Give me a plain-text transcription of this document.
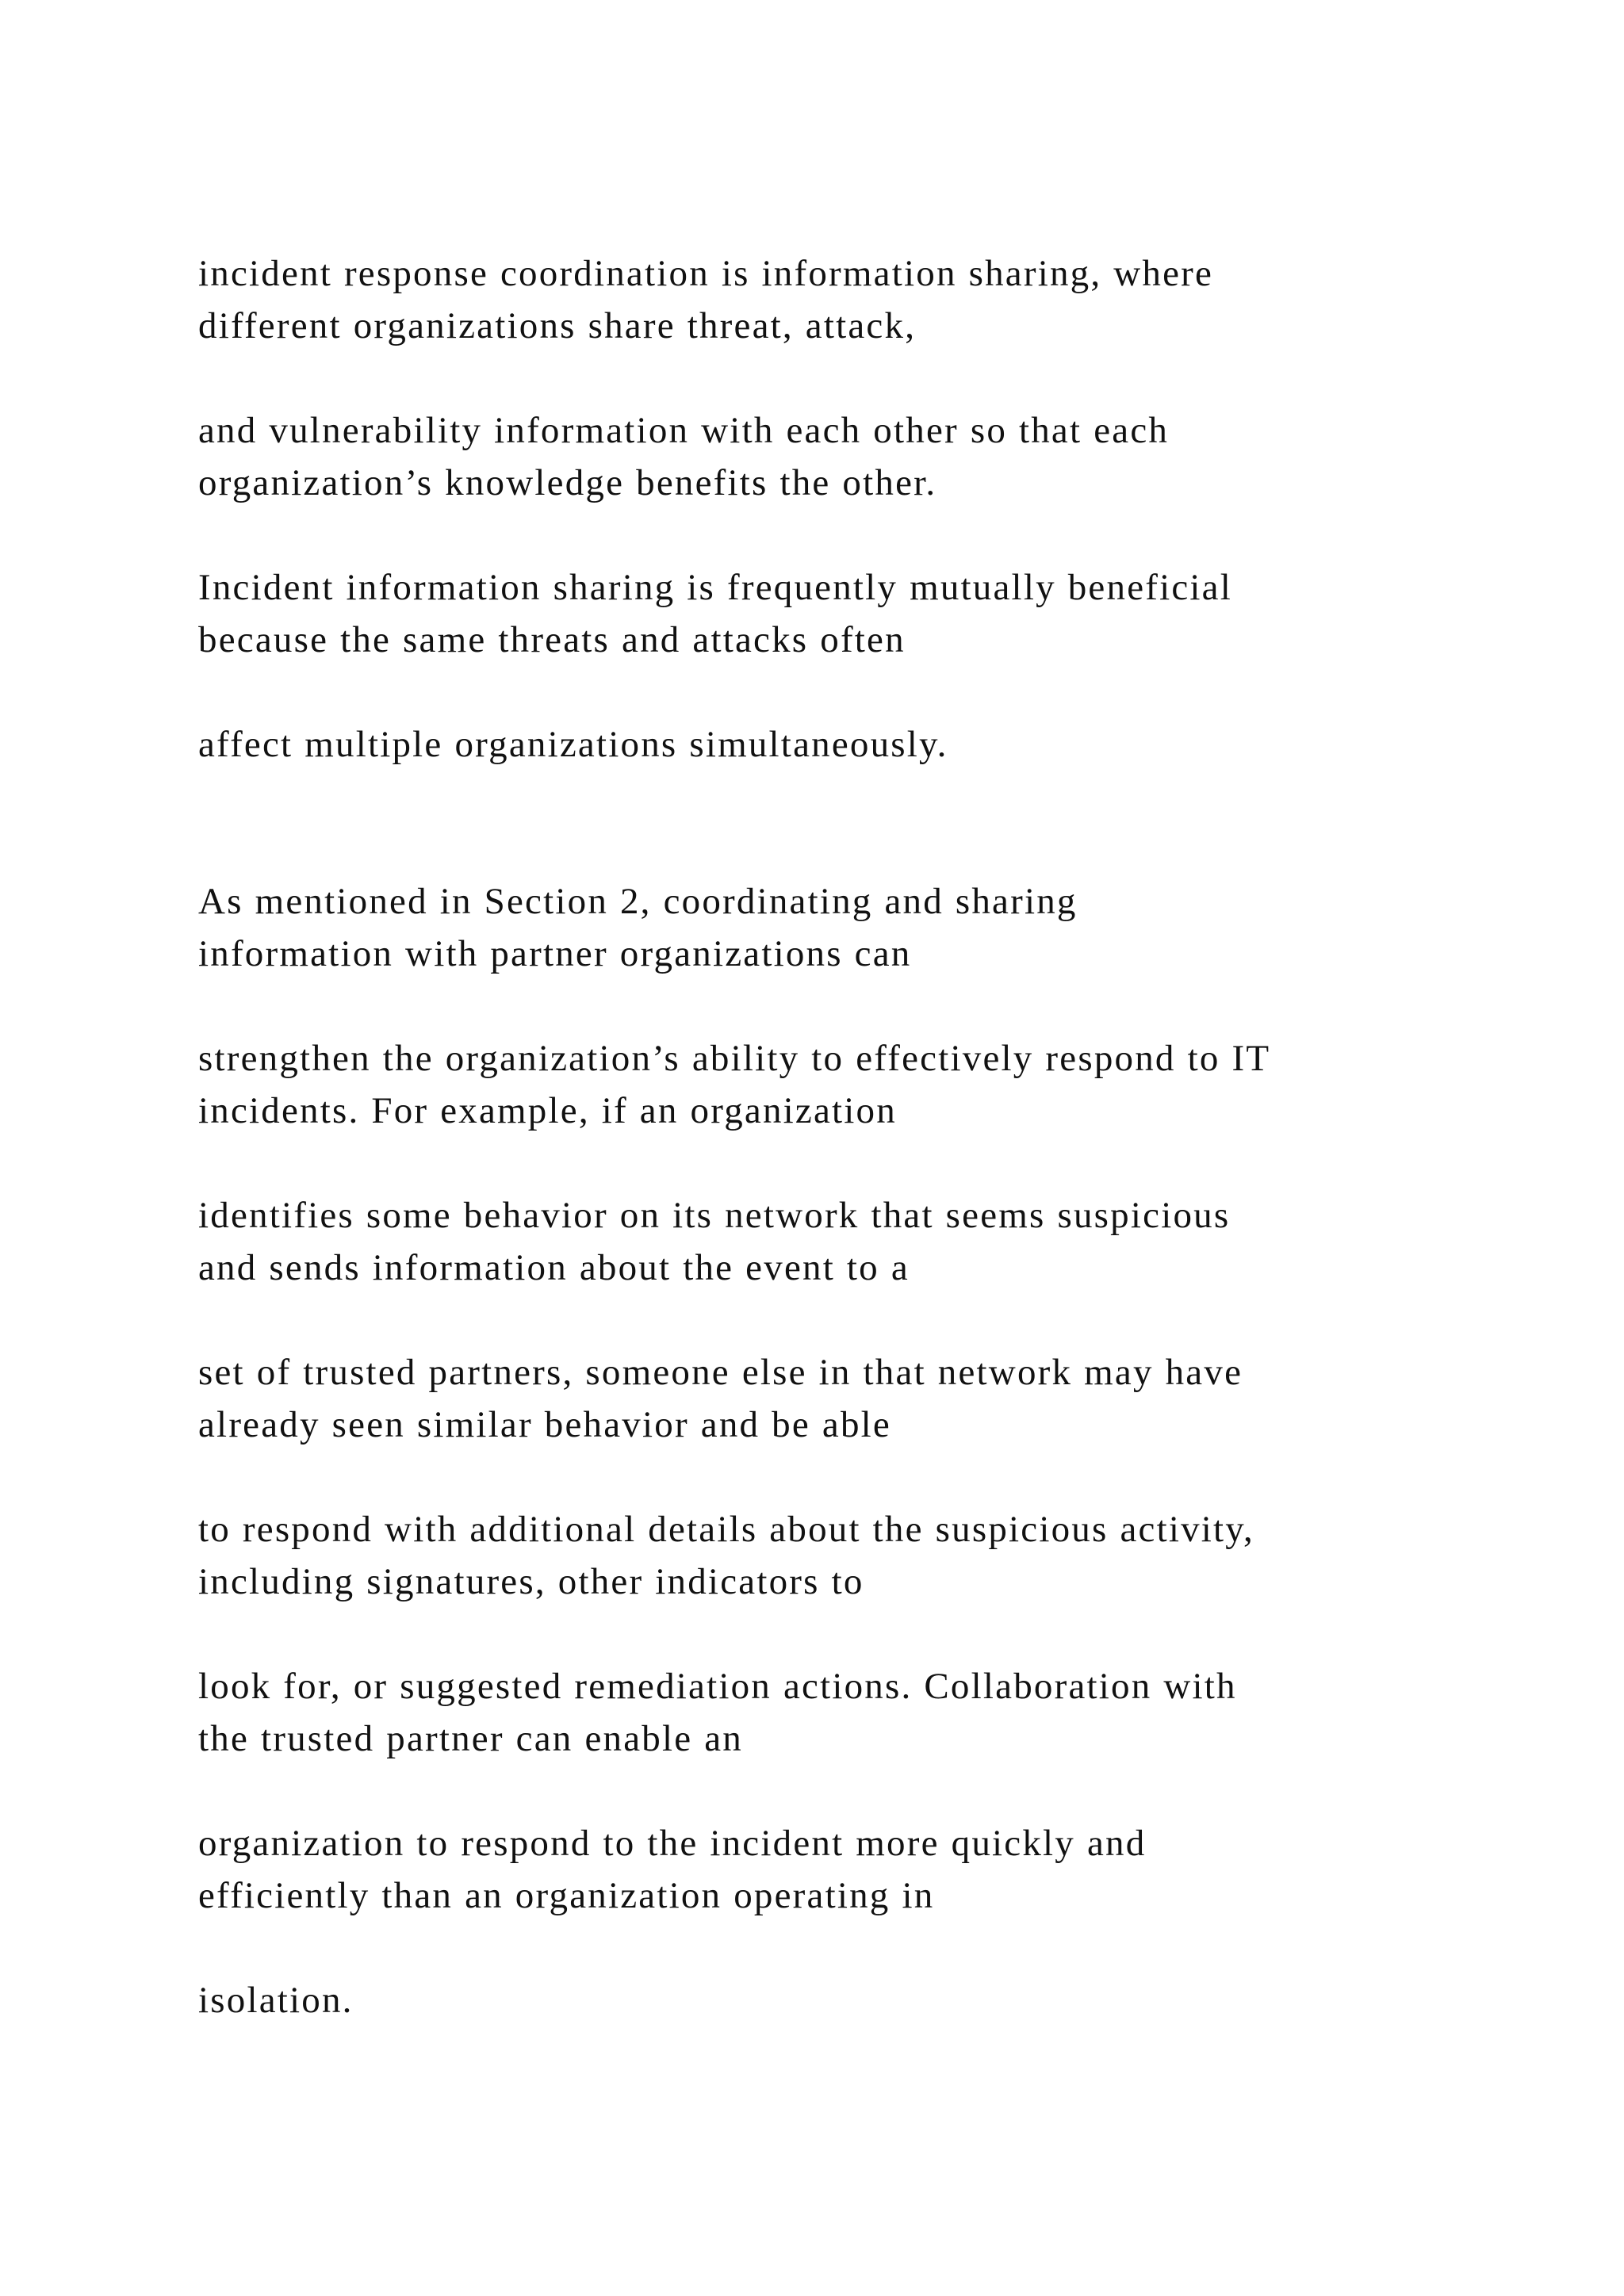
incident response coordination is information sharing, where

different organizations share threat, attack,

and vulnerability information with each other so that each

organization’s knowledge benefits the other.

Incident information sharing is frequently mutually beneficial

because the same threats and attacks often

affect multiple organizations simultaneously.

As mentioned in Section 2, coordinating and sharing

information with partner organizations can

strengthen the organization’s ability to effectively respond to IT

incidents. For example, if an organization

identifies some behavior on its network that seems suspicious

and sends information about the event to a

set of trusted partners, someone else in that network may have

already seen similar behavior and be able

to respond with additional details about the suspicious activity,

including signatures, other indicators to

look for, or suggested remediation actions. Collaboration with

the trusted partner can enable an

organization to respond to the incident more quickly and

efficiently than an organization operating in

isolation.
